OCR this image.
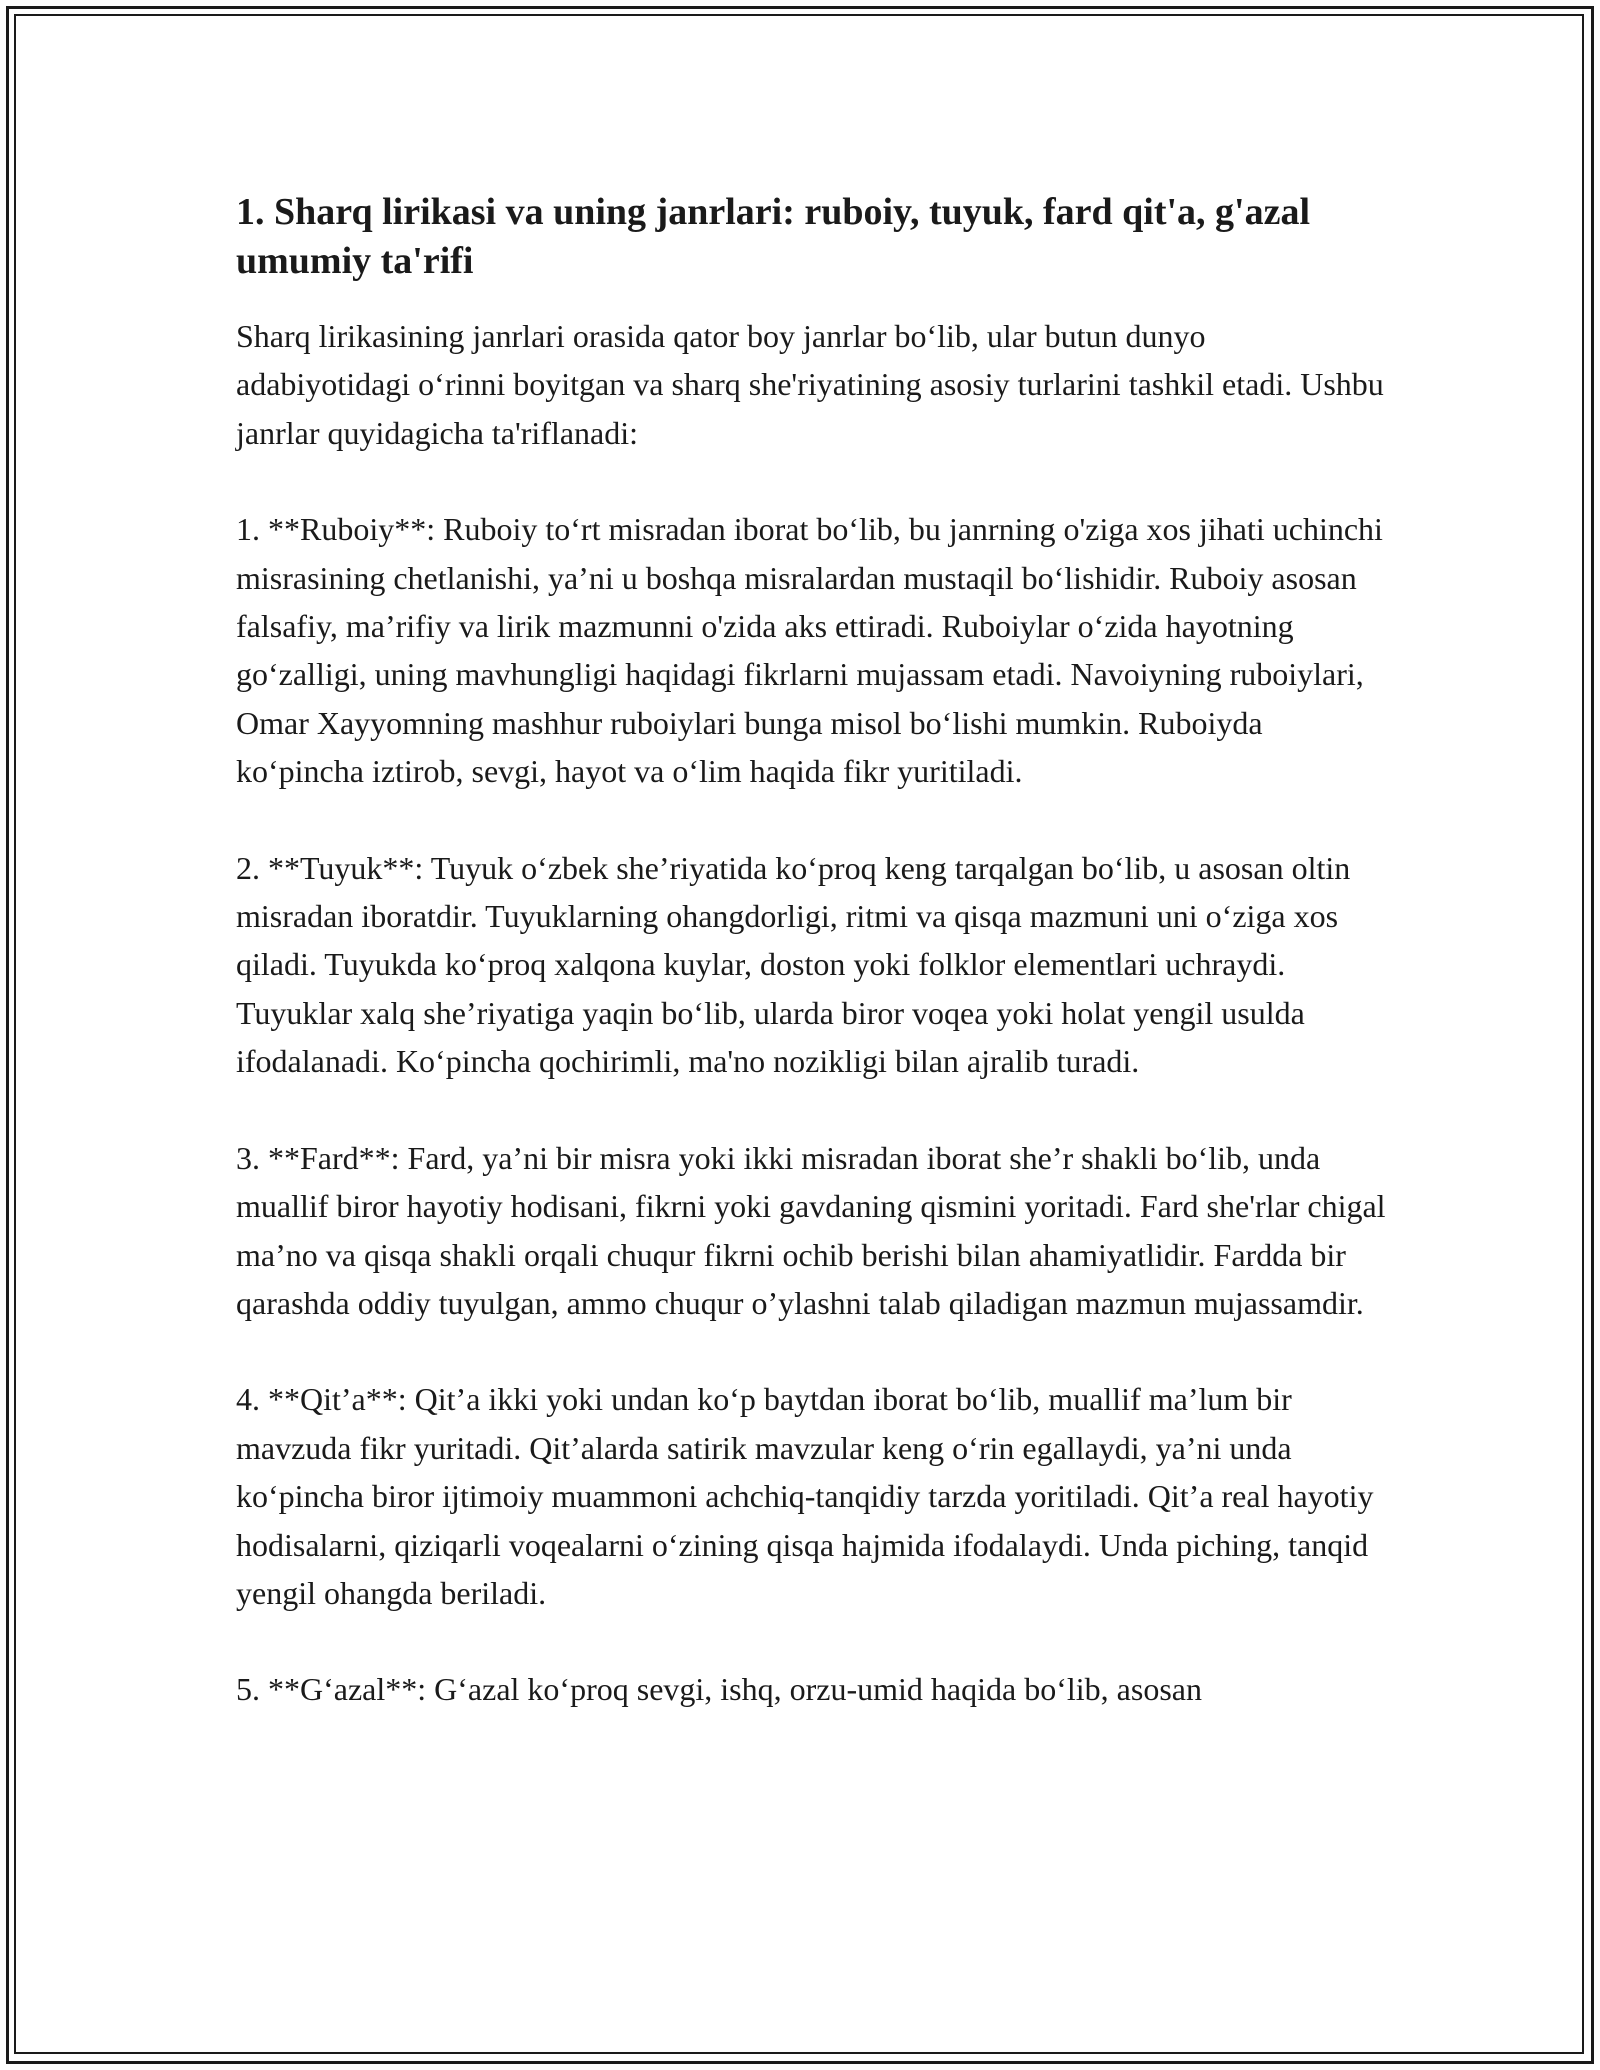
1. Sharq lirikasi va uning janrlari: ruboiy, tuyuk, fard qit'a, g'azal umumiy ta'rifi

Sharq lirikasining janrlari orasida qator boy janrlar bo‘lib, ular butun dunyo adabiyotidagi o‘rinni boyitgan va sharq she'riyatining asosiy turlarini tashkil etadi. Ushbu janrlar quyidagicha ta'riflanadi:

1. **Ruboiy**: Ruboiy to‘rt misradan iborat bo‘lib, bu janrning o'ziga xos jihati uchinchi misrasining chetlanishi, ya’ni u boshqa misralardan mustaqil bo‘lishidir. Ruboiy asosan falsafiy, ma’rifiy va lirik mazmunni o'zida aks ettiradi. Ruboiylar o‘zida hayotning go‘zalligi, uning mavhungligi haqidagi fikrlarni mujassam etadi. Navoiyning ruboiylari, Omar Xayyomning mashhur ruboiylari bunga misol bo‘lishi mumkin. Ruboiyda ko‘pincha iztirob, sevgi, hayot va o‘lim haqida fikr yuritiladi.

2. **Tuyuk**: Tuyuk o‘zbek she’riyatida ko‘proq keng tarqalgan bo‘lib, u asosan oltin misradan iboratdir. Tuyuklarning ohangdorligi, ritmi va qisqa mazmuni uni o‘ziga xos qiladi. Tuyukda ko‘proq xalqona kuylar, doston yoki folklor elementlari uchraydi. Tuyuklar xalq she’riyatiga yaqin bo‘lib, ularda biror voqea yoki holat yengil usulda ifodalanadi. Ko‘pincha qochirimli, ma'no nozikligi bilan ajralib turadi.

3. **Fard**: Fard, ya’ni bir misra yoki ikki misradan iborat she’r shakli bo‘lib, unda muallif biror hayotiy hodisani, fikrni yoki gavdaning qismini yoritadi. Fard she'rlar chigal ma’no va qisqa shakli orqali chuqur fikrni ochib berishi bilan ahamiyatlidir. Fardda bir qarashda oddiy tuyulgan, ammo chuqur o’ylashni talab qiladigan mazmun mujassamdir.

4. **Qit’a**: Qit’a ikki yoki undan ko‘p baytdan iborat bo‘lib, muallif ma’lum bir mavzuda fikr yuritadi. Qit’alarda satirik mavzular keng o‘rin egallaydi, ya’ni unda ko‘pincha biror ijtimoiy muammoni achchiq-tanqidiy tarzda yoritiladi. Qit’a real hayotiy hodisalarni, qiziqarli voqealarni o‘zining qisqa hajmida ifodalaydi. Unda piching, tanqid yengil ohangda beriladi.

5. **G‘azal**: G‘azal ko‘proq sevgi, ishq, orzu-umid haqida bo‘lib, asosan
